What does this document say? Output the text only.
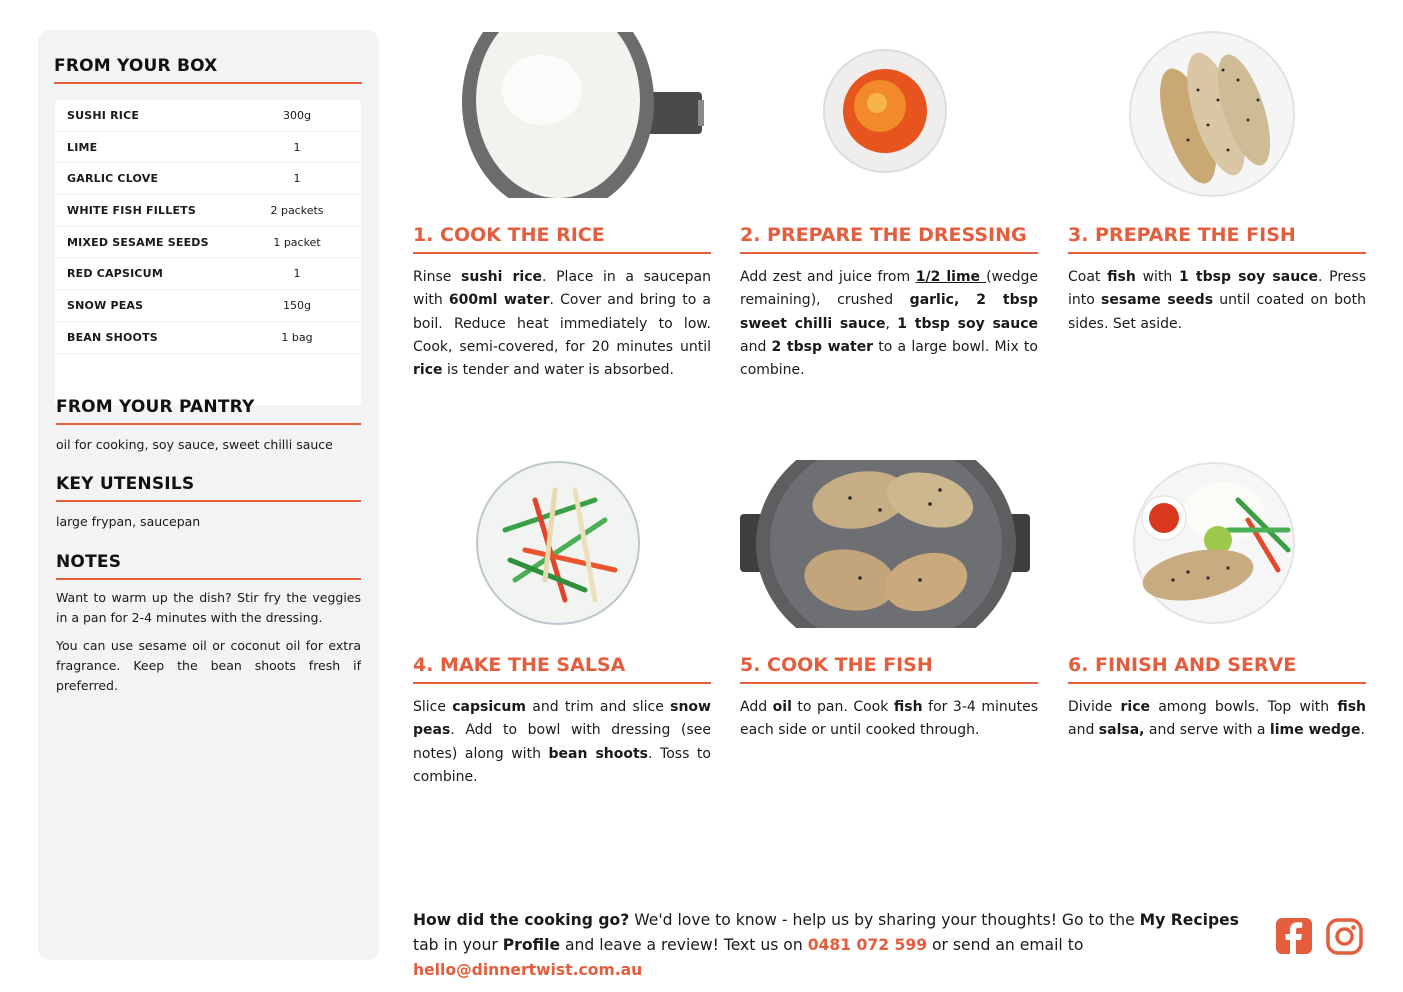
FROM YOUR BOX
SUSHI RICE	300g
LIME	1
GARLIC CLOVE	1
WHITE FISH FILLETS	2 packets
MIXED SESAME SEEDS	1 packet
RED CAPSICUM	1
SNOW PEAS	150g
BEAN SHOOTS	1 bag
FROM YOUR PANTRY

oil for cooking, soy sauce, sweet chilli sauce

KEY UTENSILS

large frypan, saucepan

NOTES

Want to warm up the dish? Stir fry the veggies in a pan for 2-4 minutes with the dressing.

You can use sesame oil or coconut oil for extra fragrance. Keep the bean shoots fresh if preferred.

1. COOK THE RICE
Rinse sushi rice. Place in a saucepan with 600ml water. Cover and bring to a boil. Reduce heat immediately to low. Cook, semi-covered, for 20 minutes until rice is tender and water is absorbed.
2. PREPARE THE DRESSING
Add zest and juice from 1/2 lime (wedge remaining), crushed garlic, 2 tbsp sweet chilli sauce, 1 tbsp soy sauce and 2 tbsp water to a large bowl. Mix to combine.
3. PREPARE THE FISH
Coat fish with 1 tbsp soy sauce. Press into sesame seeds until coated on both sides. Set aside.
4. MAKE THE SALSA
Slice capsicum and trim and slice snow peas. Add to bowl with dressing (see notes) along with bean shoots. Toss to combine.
5. COOK THE FISH
Add oil to pan. Cook fish for 3-4 minutes each side or until cooked through.
6. FINISH AND SERVE
Divide rice among bowls. Top with fish and salsa, and serve with a lime wedge.
How did the cooking go? We'd love to know - help us by sharing your thoughts! Go to the My Recipes tab in your Profile and leave a review! Text us on 0481 072 599 or send an email to hello@dinnertwist.com.au
